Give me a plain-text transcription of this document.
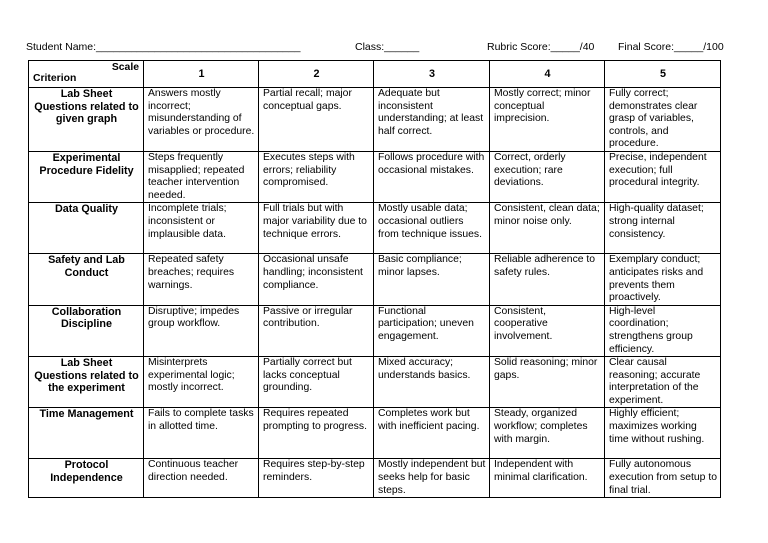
Student Name:___________________________________	Class:______	Rubric Score:_____/40 Final Score:_____/100
Scale
Criterion	1	2	3	4	5
Lab Sheet Questions related to given graph	Answers mostly incorrect; misunderstanding of variables or procedure.	Partial recall; major conceptual gaps.	Adequate but inconsistent understanding; at least half correct.	Mostly correct; minor conceptual imprecision.	Fully correct; demonstrates clear grasp of variables, controls, and procedure.
Experimental Procedure Fidelity	Steps frequently misapplied; repeated teacher intervention needed.	Executes steps with errors; reliability compromised.	Follows procedure with occasional mistakes.	Correct, orderly execution; rare deviations.	Precise, independent execution; full procedural integrity.
Data Quality	Incomplete trials; inconsistent or implausible data.	Full trials but with major variability due to technique errors.	Mostly usable data; occasional outliers from technique issues.	Consistent, clean data; minor noise only.	High-quality dataset; strong internal consistency.
Safety and Lab Conduct	Repeated safety breaches; requires warnings.	Occasional unsafe handling; inconsistent compliance.	Basic compliance; minor lapses.	Reliable adherence to safety rules.	Exemplary conduct; anticipates risks and prevents them proactively.
Collaboration Discipline	Disruptive; impedes group workflow.	Passive or irregular contribution.	Functional participation; uneven engagement.	Consistent, cooperative involvement.	High-level coordination; strengthens group efficiency.
Lab Sheet Questions related to the experiment	Misinterprets experimental logic; mostly incorrect.	Partially correct but lacks conceptual grounding.	Mixed accuracy; understands basics.	Solid reasoning; minor gaps.	Clear causal reasoning; accurate interpretation of the experiment.
Time Management	Fails to complete tasks in allotted time.	Requires repeated prompting to progress.	Completes work but with inefficient pacing.	Steady, organized workflow; completes with margin.	Highly efficient; maximizes working time without rushing.
Protocol Independence	Continuous teacher direction needed.	Requires step-by-step reminders.	Mostly independent but seeks help for basic steps.	Independent with minimal clarification.	Fully autonomous execution from setup to final trial.
